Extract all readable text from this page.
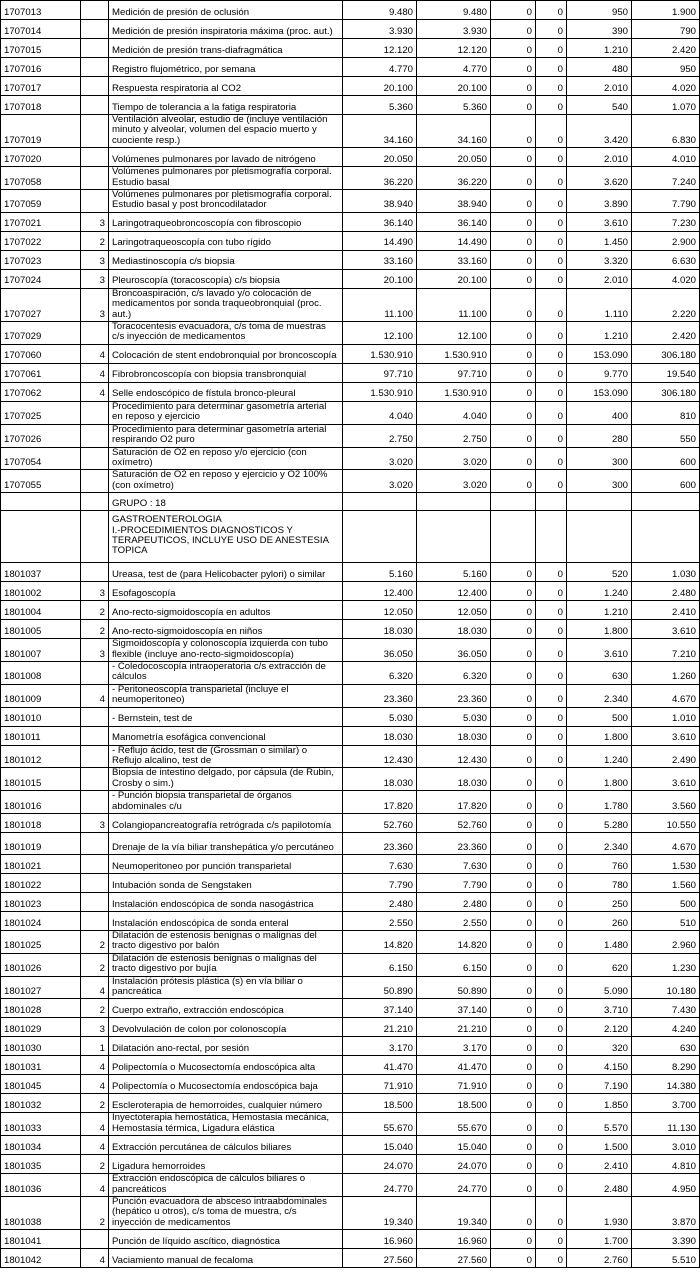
1707013		Medición de presión de oclusión	9.480	9.480	0	0	950	1.900
1707014		Medición de presión inspiratoria máxima (proc. aut.)	3.930	3.930	0	0	390	790
1707015		Medición de presión trans-diafragmática	12.120	12.120	0	0	1.210	2.420
1707016		Registro flujométrico, por semana	4.770	4.770	0	0	480	950
1707017		Respuesta respiratoria al CO2	20.100	20.100	0	0	2.010	4.020
1707018		Tiempo de tolerancia a la fatiga respiratoria	5.360	5.360	0	0	540	1.070
1707019		Ventilación alveolar, estudio de (incluye ventilación minuto y alveolar, volumen del espacio muerto y cuociente resp.)	34.160	34.160	0	0	3.420	6.830
1707020		Volúmenes pulmonares por lavado de nitrógeno	20.050	20.050	0	0	2.010	4.010
1707058		Volúmenes pulmonares por pletismografía corporal. Estudio basal	36.220	36.220	0	0	3.620	7.240
1707059		Volúmenes pulmonares por pletismografía corporal. Estudio basal y post broncodilatador	38.940	38.940	0	0	3.890	7.790
1707021	3	Laringotraqueobroncoscopía con fibroscopio	36.140	36.140	0	0	3.610	7.230
1707022	2	Laringotraqueoscopía con tubo rígido	14.490	14.490	0	0	1.450	2.900
1707023	3	Mediastinoscopía c/s biopsia	33.160	33.160	0	0	3.320	6.630
1707024	3	Pleuroscopía (toracoscopía) c/s biopsia	20.100	20.100	0	0	2.010	4.020
1707027	3	Broncoaspiración, c/s lavado y/o colocación de medicamentos por sonda traqueobronquial (proc. aut.)	11.100	11.100	0	0	1.110	2.220
1707029		Toracocentesis evacuadora, c/s toma de muestras c/s inyección de medicamentos	12.100	12.100	0	0	1.210	2.420
1707060	4	Colocación de stent endobronquial por broncoscopía	1.530.910	1.530.910	0	0	153.090	306.180
1707061	4	Fibrobroncoscopía con biopsia transbronquial	97.710	97.710	0	0	9.770	19.540
1707062	4	Selle endoscópico de fístula bronco-pleural	1.530.910	1.530.910	0	0	153.090	306.180
1707025		Procedimiento para determinar gasometría arterial en reposo y ejercicio	4.040	4.040	0	0	400	810
1707026		Procedimiento para determinar gasometría arterial respirando O2 puro	2.750	2.750	0	0	280	550
1707054		Saturación de O2 en reposo y/o ejercicio (con oxímetro)	3.020	3.020	0	0	300	600
1707055		Saturación de O2 en reposo y ejercicio y O2 100% (con oxímetro)	3.020	3.020	0	0	300	600
		GRUPO : 18						

		GASTROENTEROLOGIA
I.-PROCEDIMIENTOS DIAGNOSTICOS Y TERAPEUTICOS, INCLUYE USO DE ANESTESIA TOPICA						

1801037		Ureasa, test de (para Helicobacter pylori) o similar	5.160	5.160	0	0	520	1.030
1801002	3	Esofagoscopía	12.400	12.400	0	0	1.240	2.480
1801004	2	Ano-recto-sigmoidoscopía en adultos	12.050	12.050	0	0	1.210	2.410
1801005	2	Ano-recto-sigmoidoscopía en niños	18.030	18.030	0	0	1.800	3.610
1801007	3	Sigmoidoscopía y colonoscopía izquierda con tubo flexible (incluye ano-recto-sigmoidoscopía)	36.050	36.050	0	0	3.610	7.210
1801008		- Coledocoscopía intraoperatoria c/s extracción de cálculos	6.320	6.320	0	0	630	1.260
1801009	4	- Peritoneoscopía transparietal (incluye el neumoperitoneo)	23.360	23.360	0	0	2.340	4.670
1801010		- Bernstein, test de	5.030	5.030	0	0	500	1.010
1801011		Manometría esofágica convencional	18.030	18.030	0	0	1.800	3.610
1801012		- Reflujo ácido, test de (Grossman o similar) o Reflujo alcalino, test de	12.430	12.430	0	0	1.240	2.490
1801015		Biopsia de intestino delgado, por cápsula (de Rubin, Crosby o sim.)	18.030	18.030	0	0	1.800	3.610
1801016		- Punción biopsia transparietal de órganos abdominales c/u	17.820	17.820	0	0	1.780	3.560
1801018	3	Colangiopancreatografía retrógrada c/s papilotomía	52.760	52.760	0	0	5.280	10.550
1801019		Drenaje de la vía biliar transhepática y/o percutáneo	23.360	23.360	0	0	2.340	4.670
1801021		Neumoperitoneo por punción transparietal	7.630	7.630	0	0	760	1.530
1801022		Intubación sonda de Sengstaken	7.790	7.790	0	0	780	1.560
1801023		Instalación endoscópica de sonda nasogástrica	2.480	2.480	0	0	250	500
1801024		Instalación endoscópica de sonda enteral	2.550	2.550	0	0	260	510
1801025	2	Dilatación de estenosis benignas o malignas del tracto digestivo por balón	14.820	14.820	0	0	1.480	2.960
1801026	2	Dilatación de estenosis benignas o malignas del tracto digestivo por bujía	6.150	6.150	0	0	620	1.230
1801027	4	Instalación prótesis plástica (s) en vía biliar o pancreática	50.890	50.890	0	0	5.090	10.180
1801028	2	Cuerpo extraño, extracción endoscópica	37.140	37.140	0	0	3.710	7.430
1801029	3	Devolvulación de colon por colonoscopía	21.210	21.210	0	0	2.120	4.240
1801030	1	Dilatación ano-rectal, por sesión	3.170	3.170	0	0	320	630
1801031	4	Polipectomía o Mucosectomía endoscópica alta	41.470	41.470	0	0	4.150	8.290
1801045	4	Polipectomía o Mucosectomía endoscópica baja	71.910	71.910	0	0	7.190	14.380
1801032	2	Escleroterapia de hemorroides, cualquier número	18.500	18.500	0	0	1.850	3.700
1801033	4	Inyectoterapia hemostática, Hemostasia mecánica, Hemostasia térmica, Ligadura elástica	55.670	55.670	0	0	5.570	11.130
1801034	4	Extracción percutánea de cálculos biliares	15.040	15.040	0	0	1.500	3.010
1801035	2	Ligadura hemorroides	24.070	24.070	0	0	2.410	4.810
1801036	4	Extracción endoscópica de cálculos biliares o pancreáticos	24.770	24.770	0	0	2.480	4.950
1801038	2	Punción evacuadora de absceso intraabdominales (hepático u otros), c/s toma de muestra, c/s inyección de medicamentos	19.340	19.340	0	0	1.930	3.870
1801041		Punción de líquido ascítico, diagnóstica	16.960	16.960	0	0	1.700	3.390
1801042	4	Vaciamiento manual de fecaloma	27.560	27.560	0	0	2.760	5.510
